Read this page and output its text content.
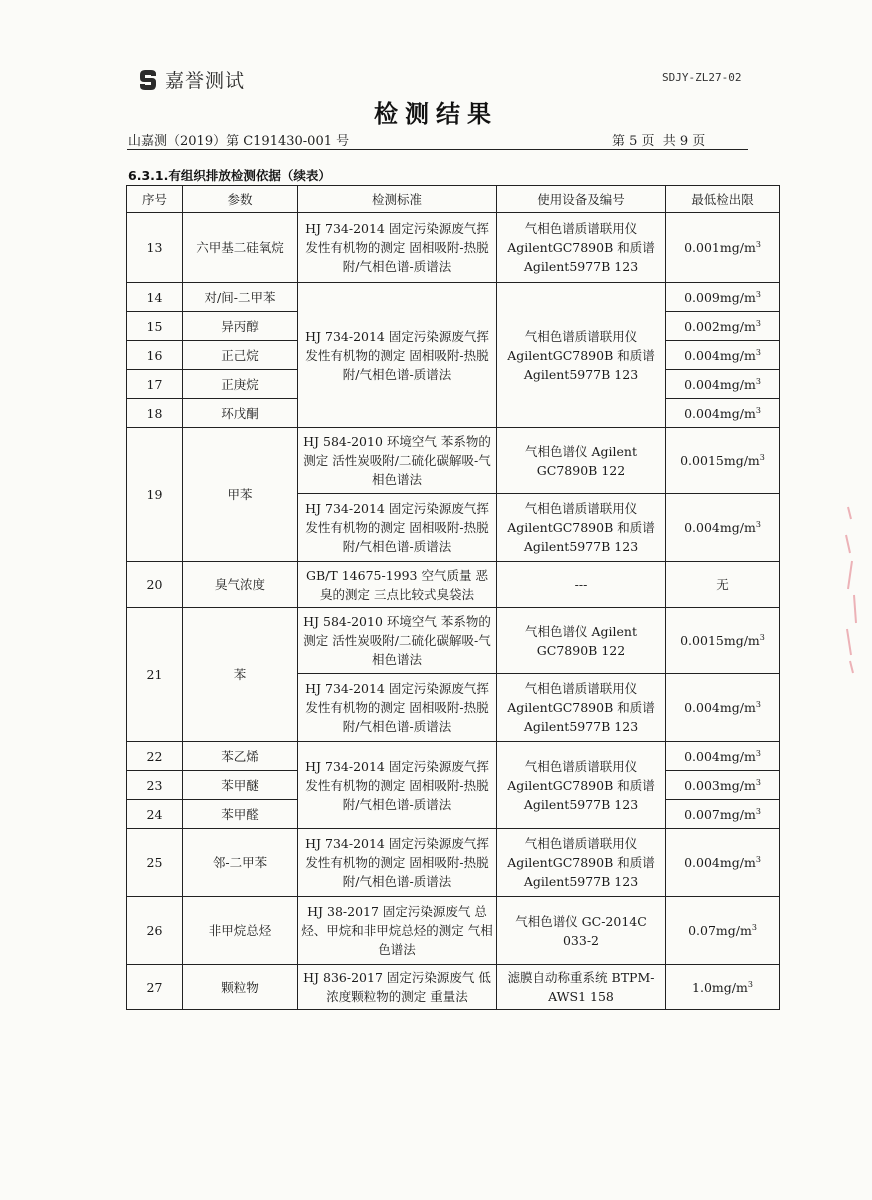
嘉誉测试	SDJY-ZL27-02
检测结果
山嘉测（2019）第 C191430-001 号	第 5 页 共 9 页
6.3.1.有组织排放检测依据（续表）
序号	参数	检测标准	使用设备及编号	最低检出限
13	六甲基二硅氧烷	HJ 734-2014 固定污染源废气挥发性有机物的测定 固相吸附-热脱附/气相色谱-质谱法	气相色谱质谱联用仪 AgilentGC7890B 和质谱 Agilent5977B 123	$0.001mg/m^3$
14	对/间-二甲苯	HJ 734-2014 固定污染源废气挥发性有机物的测定 固相吸附-热脱附/气相色谱-质谱法	气相色谱质谱联用仪 AgilentGC7890B 和质谱 Agilent5977B 123	$0.009mg/m^3$
15	异丙醇			$0.002mg/m^3$
16	正己烷			$0.004mg/m^3$
17	正庚烷			$0.004mg/m^3$
18	环戊酮			$0.004mg/m^3$
19	甲苯	HJ 584-2010 环境空气 苯系物的测定 活性炭吸附/二硫化碳解吸-气相色谱法	气相色谱仪 Agilent GC7890B 122	$0.0015mg/m^3$
		HJ 734-2014 固定污染源废气挥发性有机物的测定 固相吸附-热脱附/气相色谱-质谱法	气相色谱质谱联用仪 AgilentGC7890B 和质谱 Agilent5977B 123	$0.004mg/m^3$
20	臭气浓度	GB/T 14675-1993 空气质量 恶臭的测定 三点比较式臭袋法	---	无
21	苯	HJ 584-2010 环境空气 苯系物的测定 活性炭吸附/二硫化碳解吸-气相色谱法	气相色谱仪 Agilent GC7890B 122	$0.0015mg/m^3$
		HJ 734-2014 固定污染源废气挥发性有机物的测定 固相吸附-热脱附/气相色谱-质谱法	气相色谱质谱联用仪 AgilentGC7890B 和质谱 Agilent5977B 123	$0.004mg/m^3$
22	苯乙烯	HJ 734-2014 固定污染源废气挥发性有机物的测定 固相吸附-热脱附/气相色谱-质谱法	气相色谱质谱联用仪 AgilentGC7890B 和质谱 Agilent5977B 123	$0.004mg/m^3$
23	苯甲醚			$0.003mg/m^3$
24	苯甲醛			$0.007mg/m^3$
25	邻-二甲苯	HJ 734-2014 固定污染源废气挥发性有机物的测定 固相吸附-热脱附/气相色谱-质谱法	气相色谱质谱联用仪 AgilentGC7890B 和质谱 Agilent5977B 123	$0.004mg/m^3$
26	非甲烷总烃	HJ 38-2017 固定污染源废气 总烃、甲烷和非甲烷总烃的测定 气相色谱法	气相色谱仪 GC-2014C 033-2	$0.07mg/m^3$
27	颗粒物	HJ 836-2017 固定污染源废气 低浓度颗粒物的测定 重量法	滤膜自动称重系统 BTPM-AWS1 158	$1.0mg/m^3$
